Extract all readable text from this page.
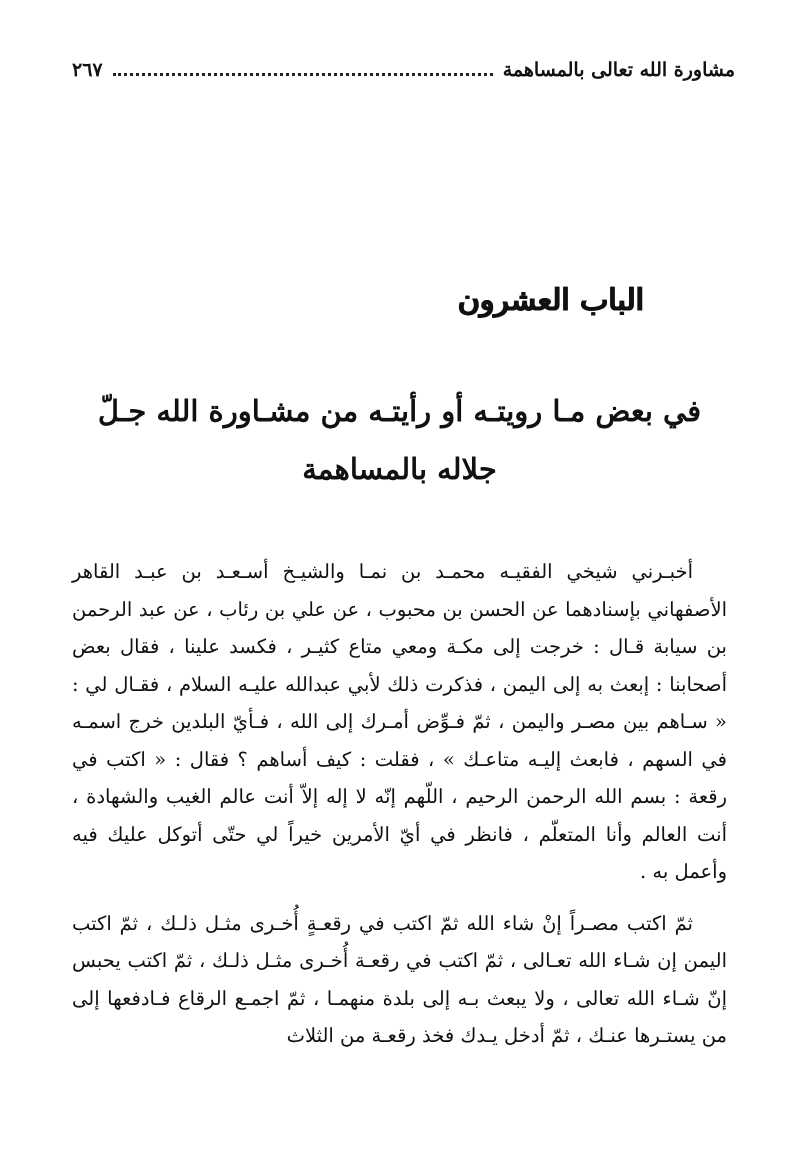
مشاورة الله تعالى بالمساهمة
٢٦٧
الباب العشرون
في بعض مـا رويتـه أو رأيتـه من مشـاورة الله جـلّ
جلاله بالمساهمة

أخبـرني شيخي الفقيـه محمـد بن نمـا والشيـخ أسـعـد بن عبـد القاهر الأصفهاني بإسنادهما عن الحسن بن محبوب ، عن علي بن رئاب ، عن عبد الرحمن بن سيابة قـال : خرجت إلى مكـة ومعي متاع كثيـر ، فكسد علينا ، فقال بعض أصحابنا : إبعث به إلى اليمن ، فذكرت ذلك لأبي عبدالله عليـه السلام ، فقـال لي : « سـاهم بين مصـر واليمن ، ثمّ فـوِّض أمـرك إلى الله ، فـأيّ البلدين خرج اسمـه في السهم ، فابعث إليـه متاعـك » ، فقلت : كيف أساهم ؟ فقال : « اكتب في رقعة : بسم الله الرحمن الرحيم ، اللّهم إنّه لا إله إلاّ أنت عالم الغيب والشهادة ، أنت العالم وأنا المتعلّم ، فانظر في أيّ الأمرين خيراً لي حتّى أتوكل عليك فيه وأعمل به .

ثمّ اكتب مصـراً إنْ شاء الله ثمّ اكتب في رقعـةٍ أُخـرى مثـل ذلـك ، ثمّ اكتب اليمن إن شـاء الله تعـالى ، ثمّ اكتب في رقعـة أُخـرى مثـل ذلـك ، ثمّ اكتب يحبس إنّ شـاء الله تعالى ، ولا يبعث بـه إلى بلدة منهمـا ، ثمّ اجمـع الرقاع فـادفعها إلى من يستـرها عنـك ، ثمّ أدخل يـدك فخذ رقعـة من الثلاث
